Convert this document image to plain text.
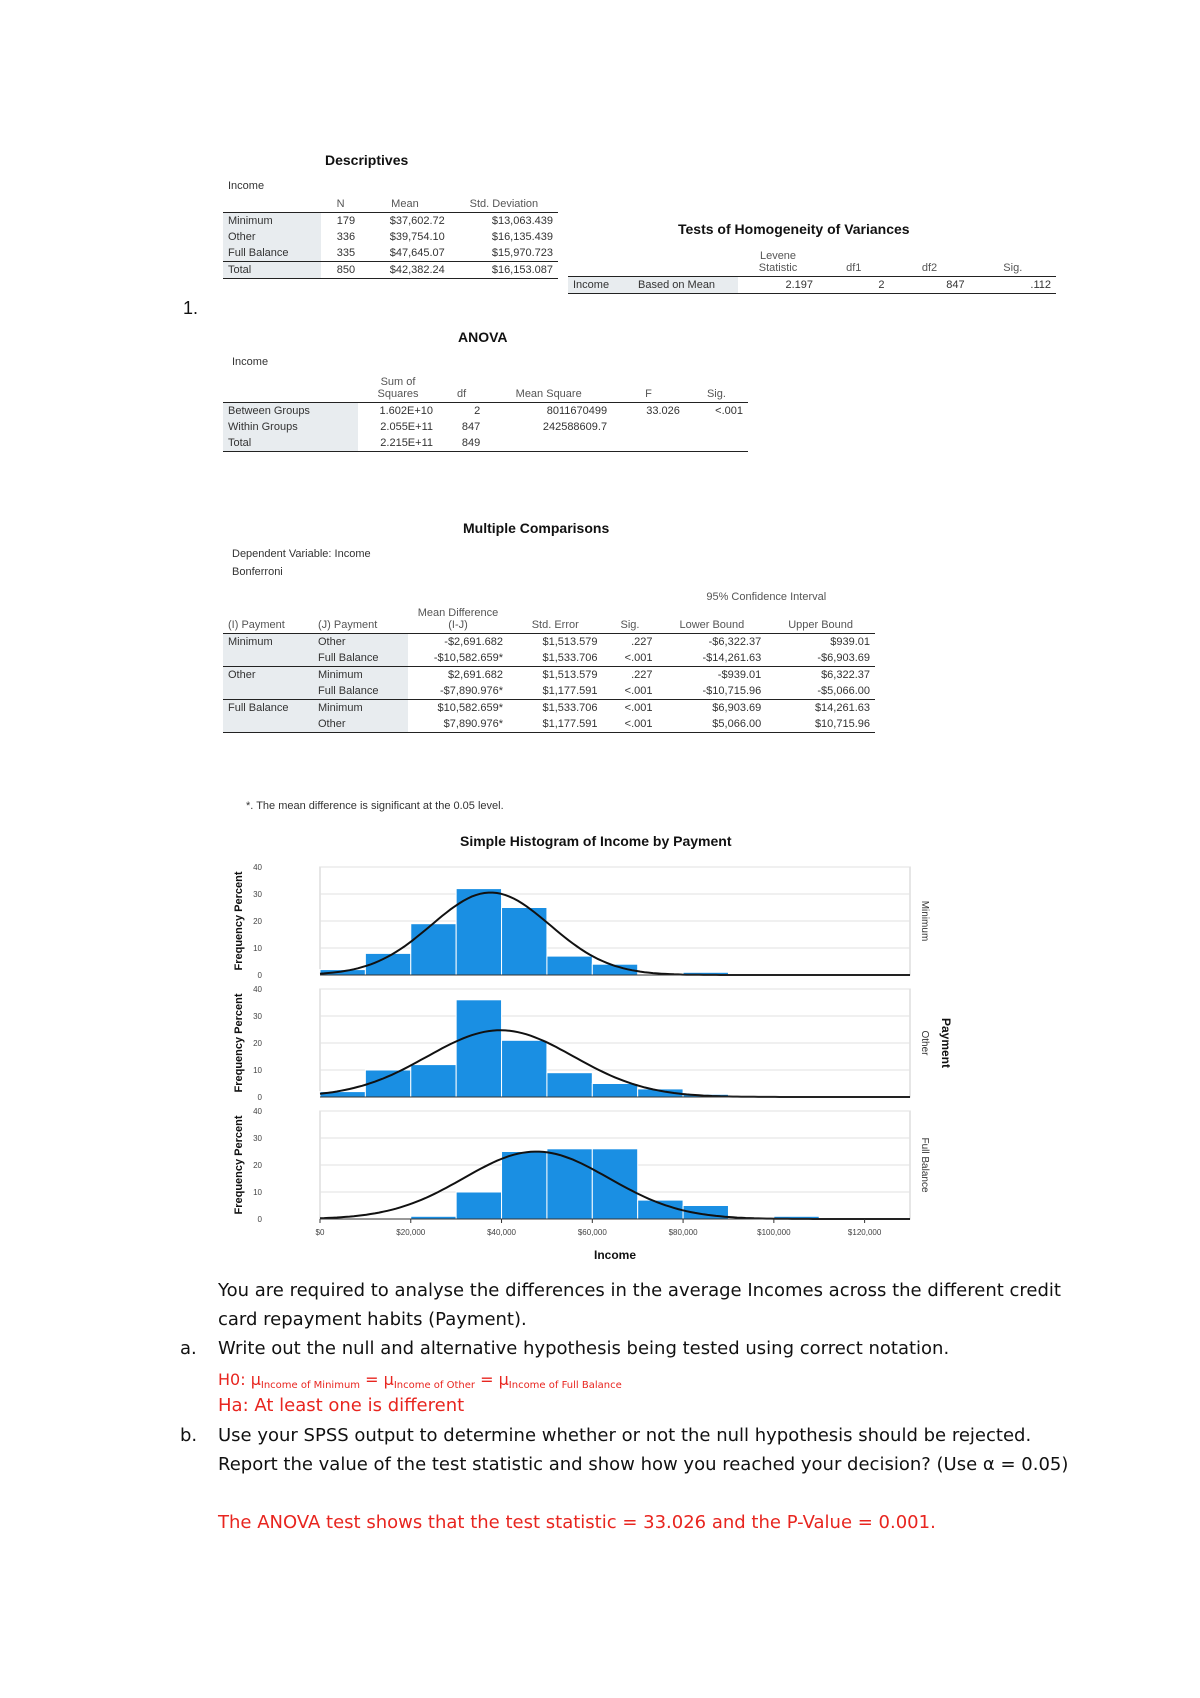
1.
Descriptives
Income
	N	Mean	Std. Deviation
Minimum	179	$37,602.72	$13,063.439
Other	336	$39,754.10	$16,135.439
Full Balance	335	$47,645.07	$15,970.723
Total	850	$42,382.24	$16,153.087
Tests of Homogeneity of Variances
		Levene Statistic	df1	df2	Sig.
Income	Based on Mean	2.197	2	847	.112
ANOVA
Income
	Sum of Squares	df	Mean Square	F	Sig.
Between Groups	1.602E+10	2	8011670499	33.026	<.001
Within Groups	2.055E+11	847	242588609.7		
Total	2.215E+11	849			
Multiple Comparisons
Dependent Variable: Income
Bonferroni
					95% Confidence Interval	
(I) Payment	(J) Payment	Mean Difference (I-J)	Std. Error	Sig.	Lower Bound	Upper Bound
Minimum	Other	-$2,691.682	$1,513.579	.227	-$6,322.37	$939.01
	Full Balance	-$10,582.659*	$1,533.706	<.001	-$14,261.63	-$6,903.69
Other	Minimum	$2,691.682	$1,513.579	.227	-$939.01	$6,322.37
	Full Balance	-$7,890.976*	$1,177.591	<.001	-$10,715.96	-$5,066.00
Full Balance	Minimum	$10,582.659*	$1,533.706	<.001	$6,903.69	$14,261.63
	Other	$7,890.976*	$1,177.591	<.001	$5,066.00	$10,715.96
*. The mean difference is significant at the 0.05 level.
Simple Histogram of Income by Payment
0
10
20
30
40
Frequency Percent	Minimum
0
10
20
30
40
Frequency Percent	Other
0
10
20
30
40
Frequency Percent	Full Balance
Payment
$0	$20,000	$40,000	$60,000	$80,000	$100,000	$120,000
Income
You are required to analyse the differences in the average Incomes across the different credit card repayment habits (Payment).
a. Write out the null and alternative hypothesis being tested using correct notation.
H0: µ$_{Income of Minimum}$ = µ$_{Income of Other}$ = µ$_{Income of Full Balance}$
Ha: At least one is different
b. Use your SPSS output to determine whether or not the null hypothesis should be rejected. Report the value of the test statistic and show how you reached your decision? (Use α = 0.05)
The ANOVA test shows that the test statistic = 33.026 and the P-Value = 0.001.
